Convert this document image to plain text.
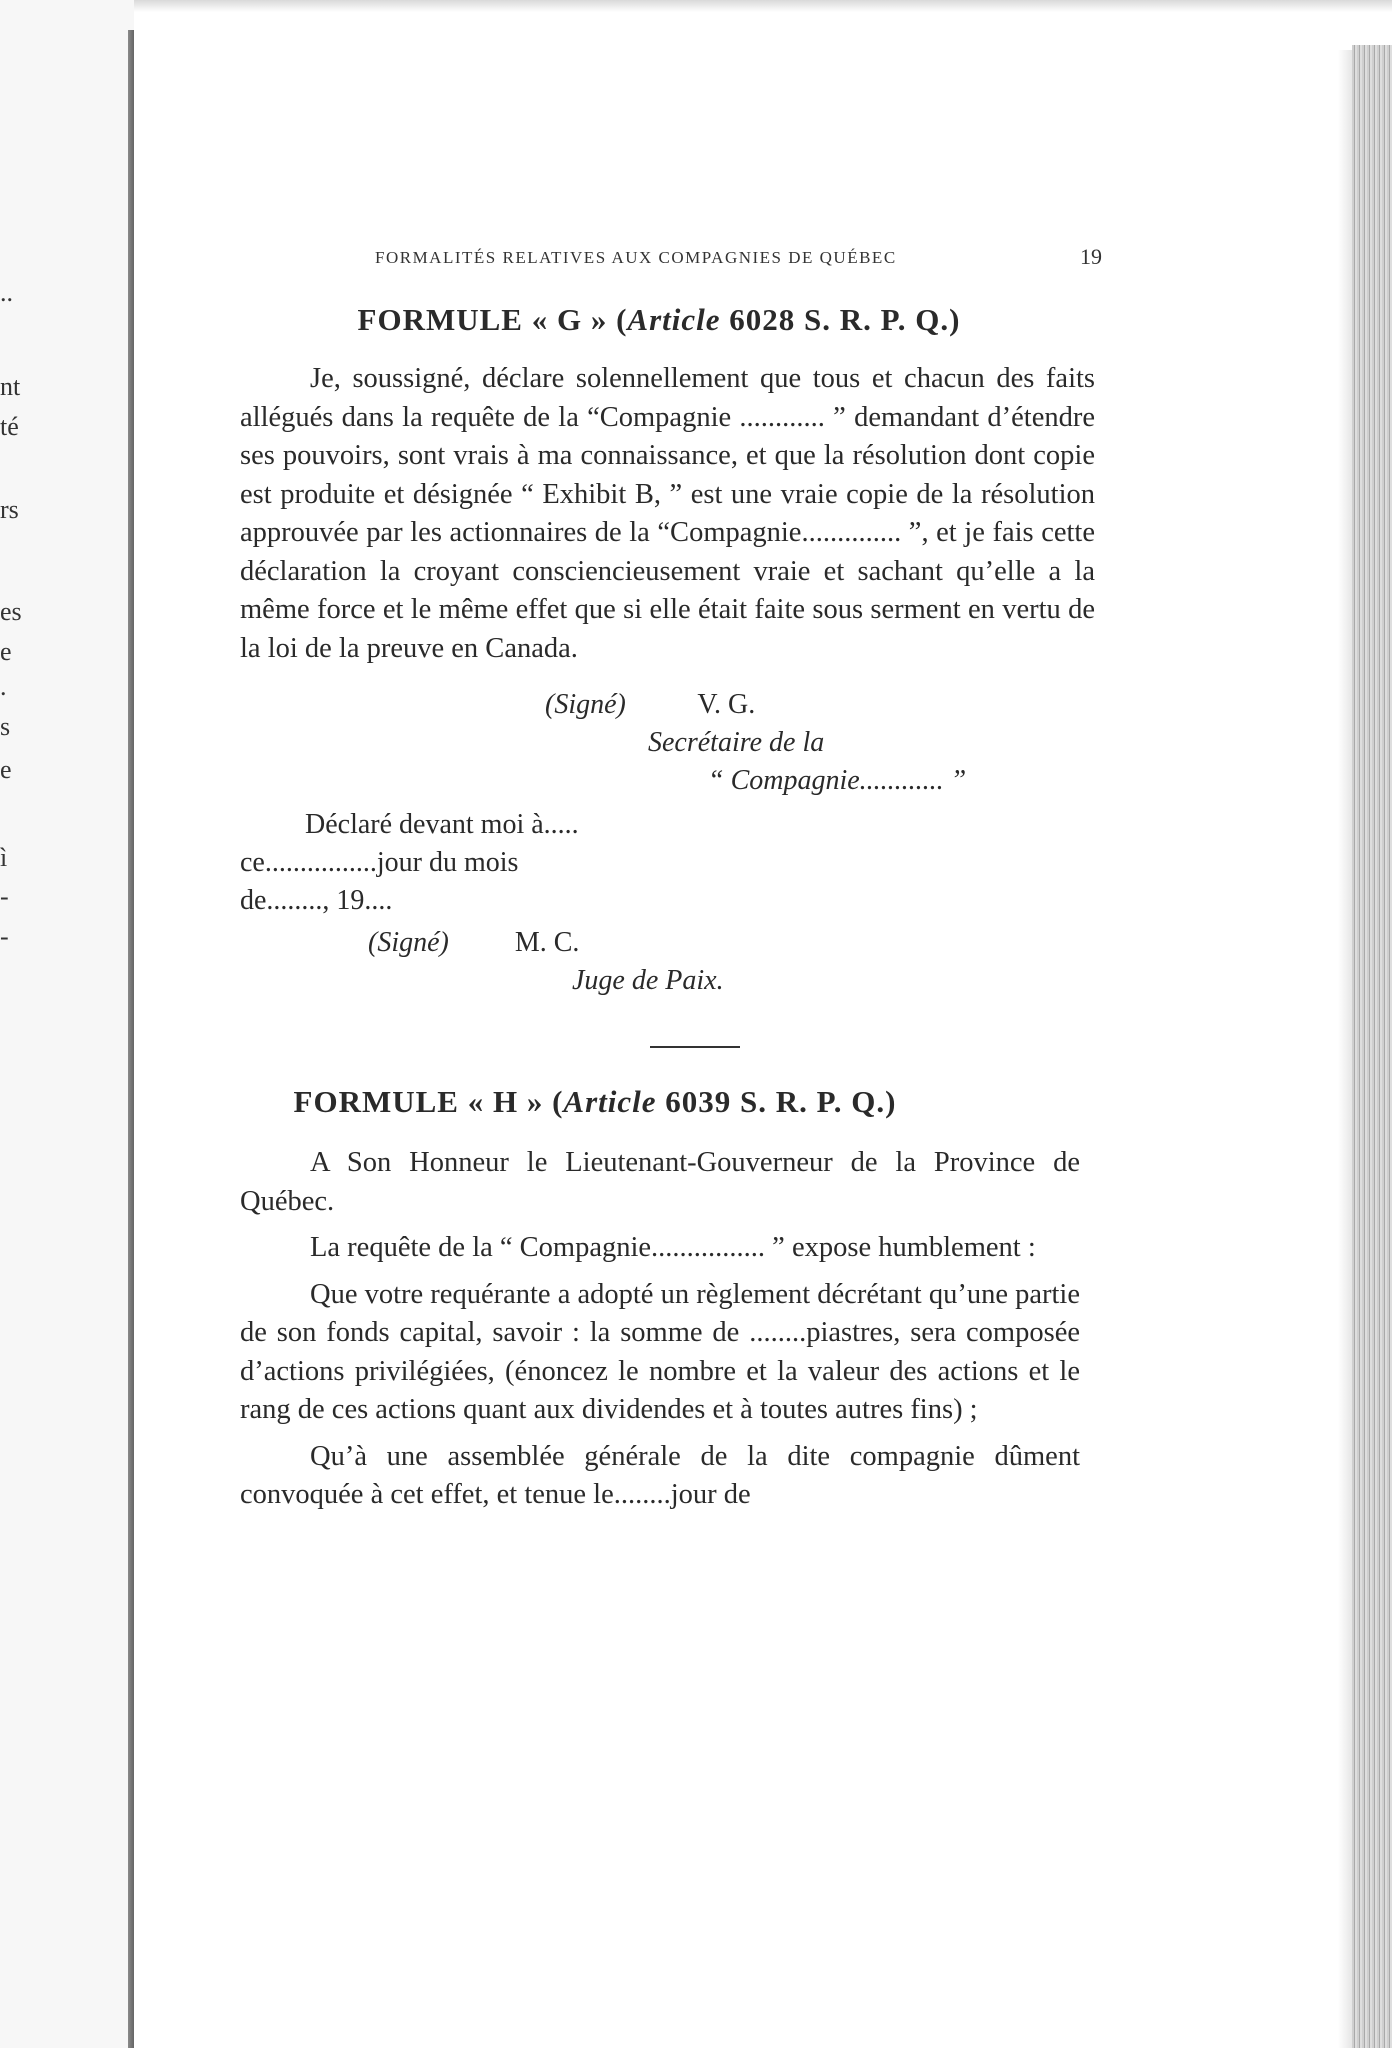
..
nt
té
rs
es
e
.
s
e
ì
-
-
FORMALITÉS RELATIVES AUX COMPAGNIES DE QUÉBEC	19
FORMULE « G » (Article 6028 S. R. P. Q.)

Je, soussigné, déclare solennellement que tous et chacun des faits allégués dans la requête de la “Compagnie ............ ” demandant d’étendre ses pouvoirs, sont vrais à ma connaissance, et que la résolution dont copie est produite et désignée “ Exhibit B, ” est une vraie copie de la résolution approuvée par les actionnaires de la “Compagnie.............. ”, et je fais cette déclaration la croyant consciencieusement vraie et sachant qu’elle a la même force et le même effet que si elle était faite sous serment en vertu de la loi de la preuve en Canada.

(Signé)	V. G.
Secrétaire de la
“ Compagnie............ ”
Déclaré devant moi à.....
ce................jour du mois
de........, 19....
(Signé) M. C.
Juge de Paix.
FORMULE « H » (Article 6039 S. R. P. Q.)

A Son Honneur le Lieutenant-Gouverneur de la Province de Québec.

La requête de la “ Compagnie................ ” expose humblement :

Que votre requérante a adopté un règlement décrétant qu’une partie de son fonds capital, savoir : la somme de ........piastres, sera composée d’actions privilégiées, (énoncez le nombre et la valeur des actions et le rang de ces actions quant aux dividendes et à toutes autres fins) ;

Qu’à une assemblée générale de la dite compagnie dûment convoquée à cet effet, et tenue le........jour de
